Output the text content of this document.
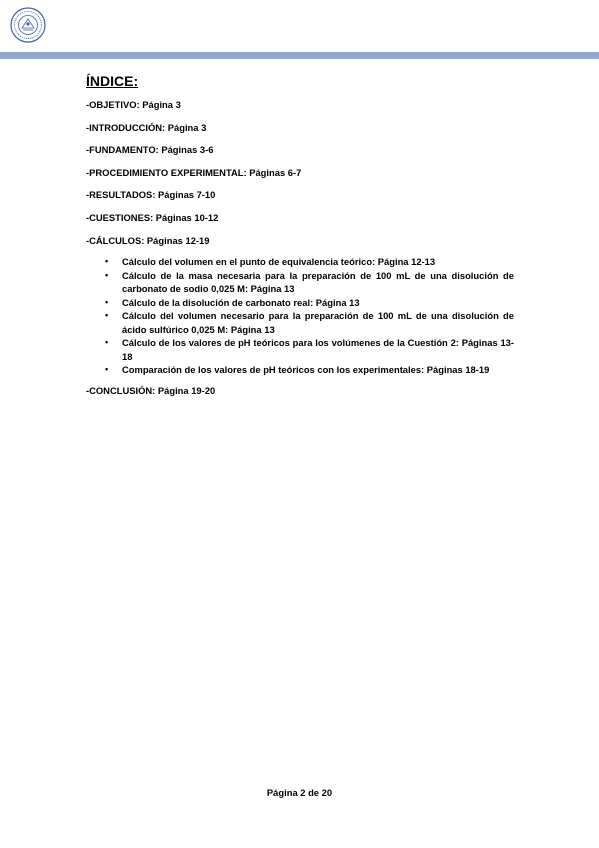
ÍNDICE:
-OBJETIVO: Página 3
-INTRODUCCIÓN: Página 3
-FUNDAMENTO: Páginas 3-6
-PROCEDIMIENTO EXPERIMENTAL: Páginas 6-7
-RESULTADOS: Páginas 7-10
-CUESTIONES: Páginas 10-12
-CÁLCULOS: Páginas 12-19
• Cálculo del volumen en el punto de equivalencia teórico: Página 12-13
• Cálculo de la masa necesaria para la preparación de 100 mL de una disolución de carbonato de sodio 0,025 M: Página 13
• Cálculo de la disolución de carbonato real: Página 13
• Cálculo del volumen necesario para la preparación de 100 mL de una disolución de ácido sulfúrico 0,025 M: Página 13
• Cálculo de los valores de pH teóricos para los volúmenes de la Cuestión 2: Páginas 13-18
• Comparación de los valores de pH teóricos con los experimentales: Páginas 18-19
-CONCLUSIÓN: Página 19-20
Página 2 de 20
